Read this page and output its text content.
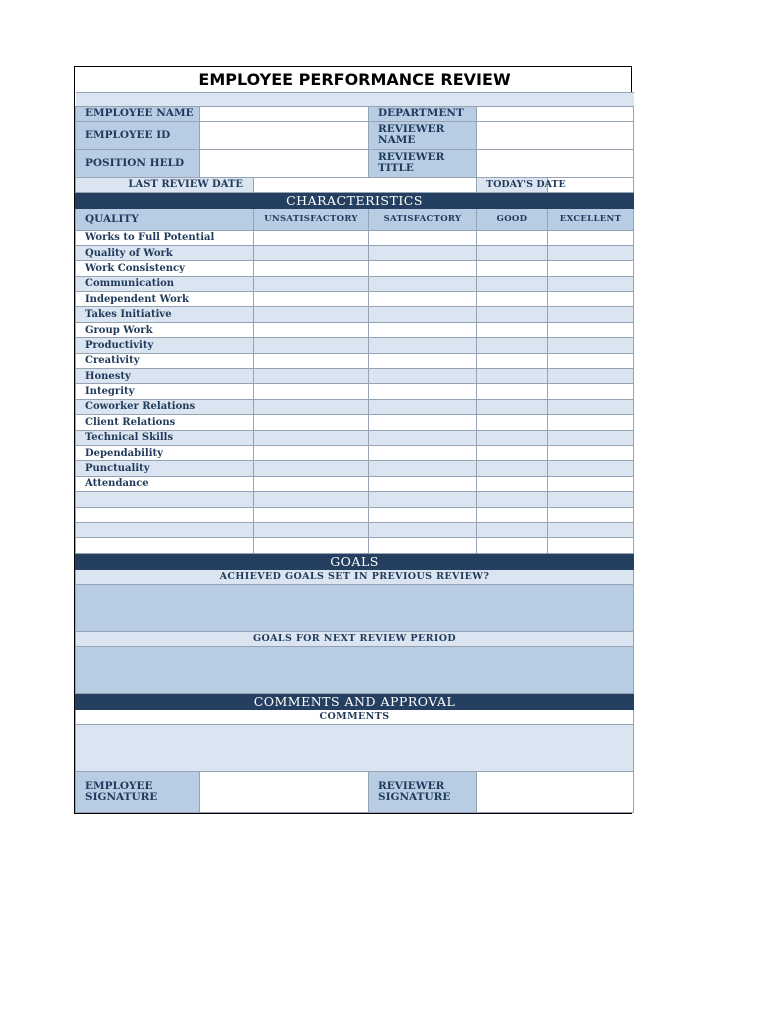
EMPLOYEE PERFORMANCE REVIEW					

EMPLOYEE NAME			DEPARTMENT		
EMPLOYEE ID			REVIEWER NAME		
POSITION HELD			REVIEWER TITLE		
LAST REVIEW DATE				TODAY'S DATE	
CHARACTERISTICS					
QUALITY		UNSATISFACTORY	SATISFACTORY	GOOD	EXCELLENT
Works to Full Potential					
Quality of Work					
Work Consistency					
Communication					
Independent Work					
Takes Initiative					
Group Work					
Productivity					
Creativity					
Honesty					
Integrity					
Coworker Relations					
Client Relations					
Technical Skills					
Dependability					
Punctuality					
Attendance					

GOALS					
ACHIEVED GOALS SET IN PREVIOUS REVIEW?					

GOALS FOR NEXT REVIEW PERIOD					

COMMENTS AND APPROVAL					
COMMENTS					

EMPLOYEE SIGNATURE			REVIEWER SIGNATURE		
